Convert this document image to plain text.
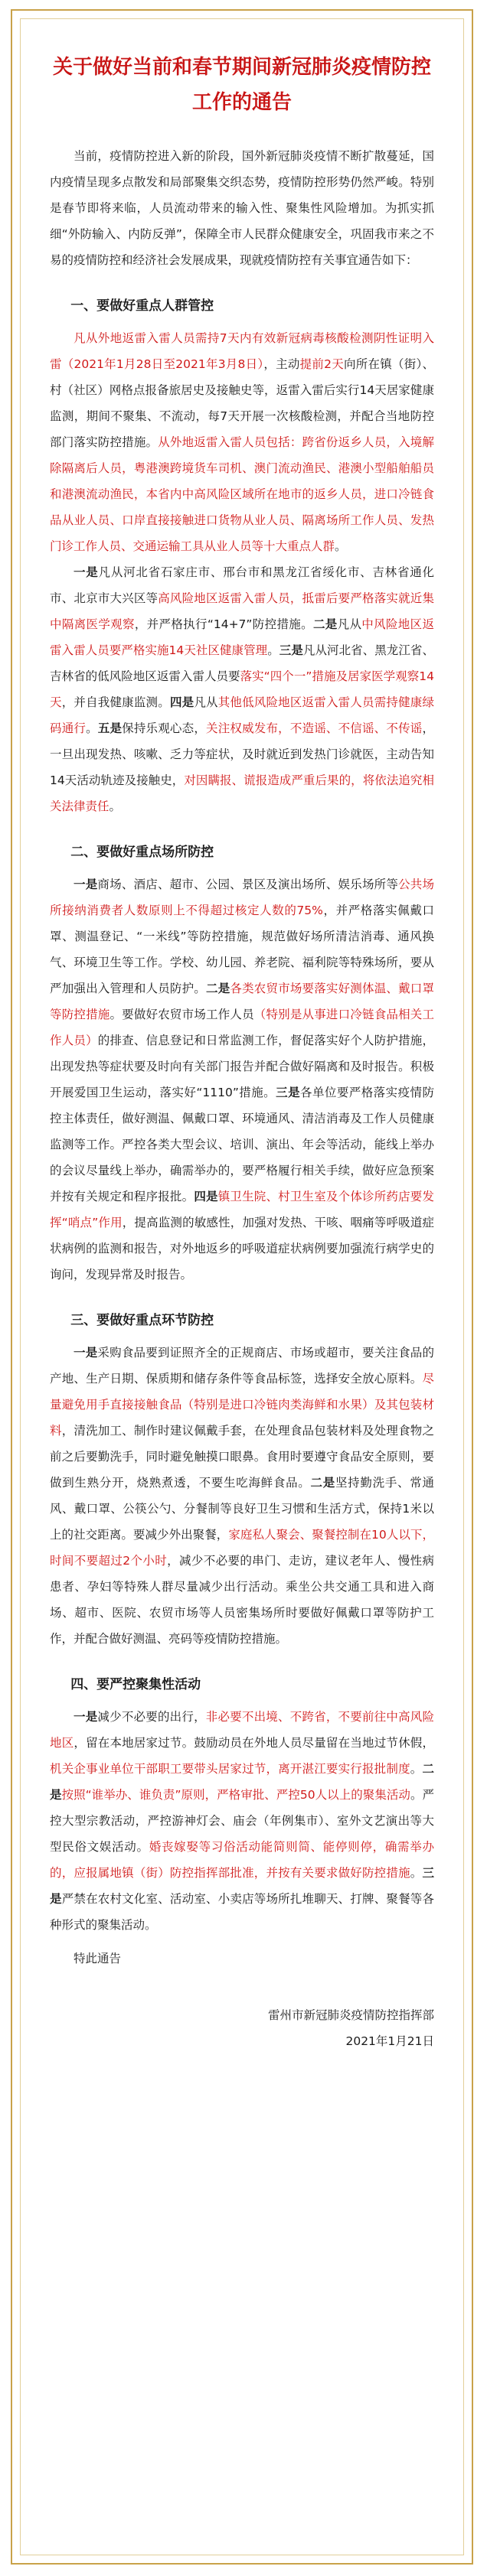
关于做好当前和春节期间新冠肺炎疫情防控工作的通告

当前，疫情防控进入新的阶段，国外新冠肺炎疫情不断扩散蔓延，国内疫情呈现多点散发和局部聚集交织态势，疫情防控形势仍然严峻。特别是春节即将来临，人员流动带来的输入性、聚集性风险增加。为抓实抓细“外防输入、内防反弹”，保障全市人民群众健康安全，巩固我市来之不易的疫情防控和经济社会发展成果，现就疫情防控有关事宜通告如下：

一、要做好重点人群管控

凡从外地返雷入雷人员需持7天内有效新冠病毒核酸检测阴性证明入雷（2021年1月28日至2021年3月8日），主动提前2天向所在镇（街）、村（社区）网格点报备旅居史及接触史等，返雷入雷后实行14天居家健康监测，期间不聚集、不流动，每7天开展一次核酸检测，并配合当地防控部门落实防控措施。从外地返雷入雷人员包括：跨省份返乡人员，入境解除隔离后人员，粤港澳跨境货车司机、澳门流动渔民、港澳小型船舶船员和港澳流动渔民，本省内中高风险区域所在地市的返乡人员，进口冷链食品从业人员、口岸直接接触进口货物从业人员、隔离场所工作人员、发热门诊工作人员、交通运输工具从业人员等十大重点人群。

一是凡从河北省石家庄市、邢台市和黑龙江省绥化市、吉林省通化市、北京市大兴区等高风险地区返雷入雷人员，抵雷后要严格落实就近集中隔离医学观察，并严格执行“14+7”防控措施。二是凡从中风险地区返雷入雷人员要严格实施14天社区健康管理。三是凡从河北省、黑龙江省、吉林省的低风险地区返雷入雷人员要落实“四个一”措施及居家医学观察14天，并自我健康监测。四是凡从其他低风险地区返雷入雷人员需持健康绿码通行。五是保持乐观心态，关注权威发布，不造谣、不信谣、不传谣，一旦出现发热、咳嗽、乏力等症状，及时就近到发热门诊就医，主动告知14天活动轨迹及接触史，对因瞒报、谎报造成严重后果的，将依法追究相关法律责任。

二、要做好重点场所防控

一是商场、酒店、超市、公园、景区及演出场所、娱乐场所等公共场所接纳消费者人数原则上不得超过核定人数的75%，并严格落实佩戴口罩、测温登记、“一米线”等防控措施，规范做好场所清洁消毒、通风换气、环境卫生等工作。学校、幼儿园、养老院、福利院等特殊场所，要从严加强出入管理和人员防护。二是各类农贸市场要落实好测体温、戴口罩等防控措施。要做好农贸市场工作人员（特别是从事进口冷链食品相关工作人员）的排查、信息登记和日常监测工作，督促落实好个人防护措施，出现发热等症状要及时向有关部门报告并配合做好隔离和及时报告。积极开展爱国卫生运动，落实好“1110”措施。三是各单位要严格落实疫情防控主体责任，做好测温、佩戴口罩、环境通风、清洁消毒及工作人员健康监测等工作。严控各类大型会议、培训、演出、年会等活动，能线上举办的会议尽量线上举办，确需举办的，要严格履行相关手续，做好应急预案并按有关规定和程序报批。四是镇卫生院、村卫生室及个体诊所药店要发挥“哨点”作用，提高监测的敏感性，加强对发热、干咳、咽痛等呼吸道症状病例的监测和报告，对外地返乡的呼吸道症状病例要加强流行病学史的询问，发现异常及时报告。

三、要做好重点环节防控

一是采购食品要到证照齐全的正规商店、市场或超市，要关注食品的产地、生产日期、保质期和储存条件等食品标签，选择安全放心原料。尽量避免用手直接接触食品（特别是进口冷链肉类海鲜和水果）及其包装材料，清洗加工、制作时建议佩戴手套，在处理食品包装材料及处理食物之前之后要勤洗手，同时避免触摸口眼鼻。食用时要遵守食品安全原则，要做到生熟分开，烧熟煮透，不要生吃海鲜食品。二是坚持勤洗手、常通风、戴口罩、公筷公勺、分餐制等良好卫生习惯和生活方式，保持1米以上的社交距离。要减少外出聚餐，家庭私人聚会、聚餐控制在10人以下，时间不要超过2个小时，减少不必要的串门、走访，建议老年人、慢性病患者、孕妇等特殊人群尽量减少出行活动。乘坐公共交通工具和进入商场、超市、医院、农贸市场等人员密集场所时要做好佩戴口罩等防护工作，并配合做好测温、亮码等疫情防控措施。

四、要严控聚集性活动

一是减少不必要的出行，非必要不出境、不跨省，不要前往中高风险地区，留在本地居家过节。鼓励动员在外地人员尽量留在当地过节休假，机关企事业单位干部职工要带头居家过节，离开湛江要实行报批制度。二是按照“谁举办、谁负责”原则，严格审批、严控50人以上的聚集活动。严控大型宗教活动，严控游神灯会、庙会（年例集市）、室外文艺演出等大型民俗文娱活动。婚丧嫁娶等习俗活动能简则简、能停则停，确需举办的，应报属地镇（街）防控指挥部批准，并按有关要求做好防控措施。三是严禁在农村文化室、活动室、小卖店等场所扎堆聊天、打牌、聚餐等各种形式的聚集活动。

特此通告

雷州市新冠肺炎疫情防控指挥部

2021年1月21日
